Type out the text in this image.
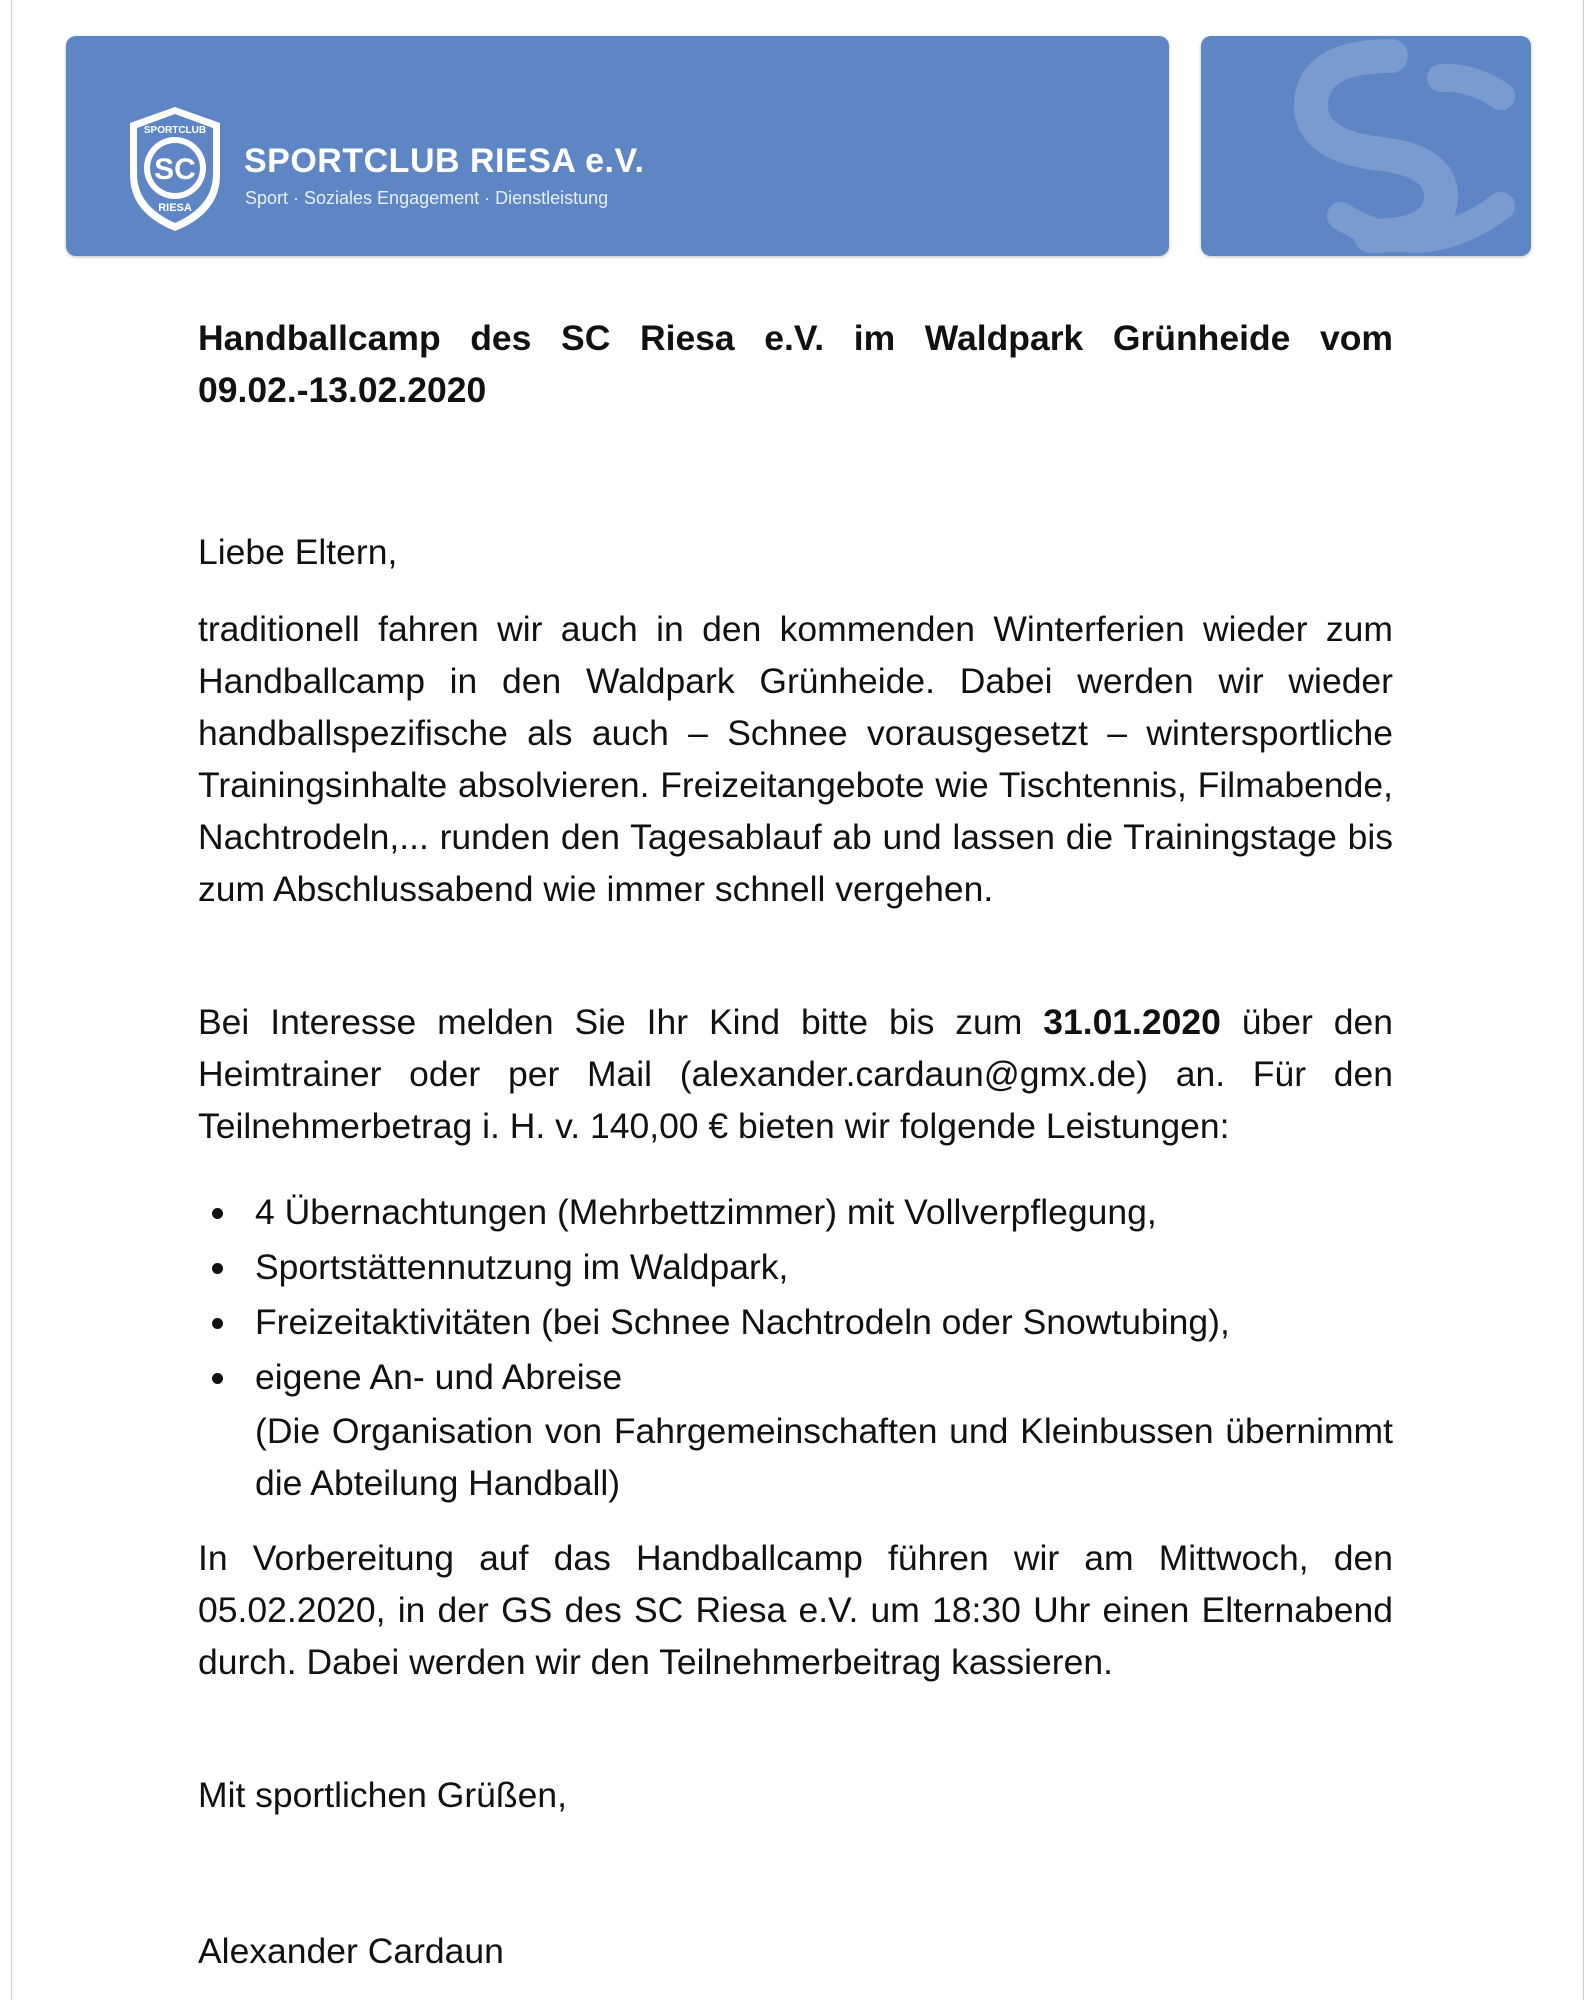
SC
SPORTCLUB
RIESA
SPORTCLUB RIESA e.V.
Sport · Soziales Engagement · Dienstleistung
Handballcamp des SC Riesa e.V. im Waldpark Grünheide vom 09.02.-13.02.2020

Liebe Eltern,

traditionell fahren wir auch in den kommenden Winterferien wieder zum Handballcamp in den Waldpark Grünheide. Dabei werden wir wieder handballspezifische als auch – Schnee vorausgesetzt – wintersportliche Trainingsinhalte absolvieren. Freizeitangebote wie Tischtennis, Filmabende, Nachtrodeln,... runden den Tagesablauf ab und lassen die Trainingstage bis zum Abschlussabend wie immer schnell vergehen.

Bei Interesse melden Sie Ihr Kind bitte bis zum 31.01.2020 über den Heimtrainer oder per Mail (alexander.cardaun@gmx.de) an. Für den Teilnehmerbetrag i. H. v. 140,00 € bieten wir folgende Leistungen:

4 Übernachtungen (Mehrbettzimmer) mit Vollverpflegung,
Sportstättennutzung im Waldpark,
Freizeitaktivitäten (bei Schnee Nachtrodeln oder Snowtubing),
eigene An- und Abreise
(Die Organisation von Fahrgemeinschaften und Kleinbussen übernimmt die Abteilung Handball)

In Vorbereitung auf das Handballcamp führen wir am Mittwoch, den 05.02.2020, in der GS des SC Riesa e.V. um 18:30 Uhr einen Elternabend durch. Dabei werden wir den Teilnehmerbeitrag kassieren.

Mit sportlichen Grüßen,

Alexander Cardaun
